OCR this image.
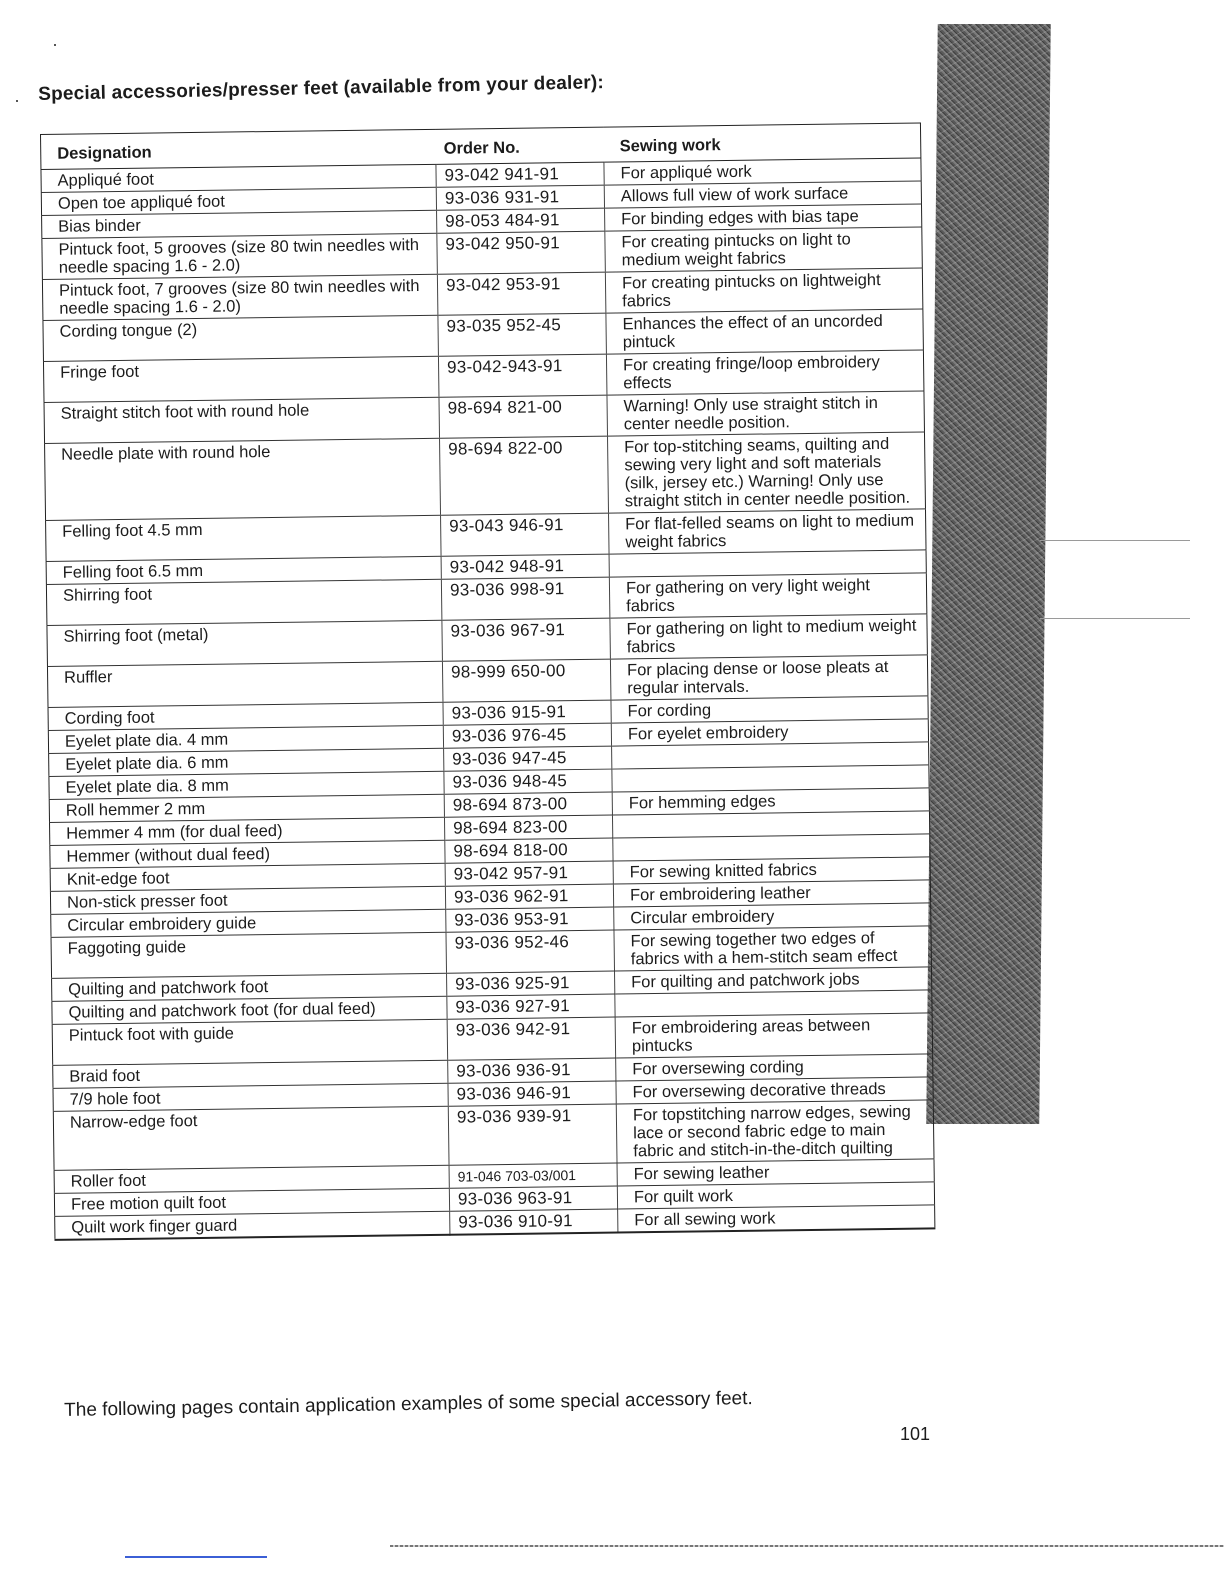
Special accessories/presser feet (available from your dealer):
Designation	Order No.	Sewing work
Appliqué foot	93-042 941-91	For appliqué work
Open toe appliqué foot	93-036 931-91	Allows full view of work surface
Bias binder	98-053 484-91	For binding edges with bias tape
Pintuck foot, 5 grooves (size 80 twin needles with needle spacing 1.6 - 2.0)	93-042 950-91	For creating pintucks on light to medium weight fabrics
Pintuck foot, 7 grooves (size 80 twin needles with needle spacing 1.6 - 2.0)	93-042 953-91	For creating pintucks on lightweight fabrics
Cording tongue (2)	93-035 952-45	Enhances the effect of an uncorded pintuck
Fringe foot	93-042-943-91	For creating fringe/loop embroidery effects
Straight stitch foot with round hole	98-694 821-00	Warning! Only use straight stitch in center needle position.
Needle plate with round hole	98-694 822-00	For top-stitching seams, quilting and sewing very light and soft materials (silk, jersey etc.) Warning! Only use straight stitch in center needle position.
Felling foot 4.5 mm	93-043 946-91	For flat-felled seams on light to medium weight fabrics
Felling foot 6.5 mm	93-042 948-91	
Shirring foot	93-036 998-91	For gathering on very light weight fabrics
Shirring foot (metal)	93-036 967-91	For gathering on light to medium weight fabrics
Ruffler	98-999 650-00	For placing dense or loose pleats at regular intervals.
Cording foot	93-036 915-91	For cording
Eyelet plate dia. 4 mm	93-036 976-45	For eyelet embroidery
Eyelet plate dia. 6 mm	93-036 947-45	
Eyelet plate dia. 8 mm	93-036 948-45	
Roll hemmer 2 mm	98-694 873-00	For hemming edges
Hemmer 4 mm (for dual feed)	98-694 823-00	
Hemmer (without dual feed)	98-694 818-00	
Knit-edge foot	93-042 957-91	For sewing knitted fabrics
Non-stick presser foot	93-036 962-91	For embroidering leather
Circular embroidery guide	93-036 953-91	Circular embroidery
Faggoting guide	93-036 952-46	For sewing together two edges of fabrics with a hem-stitch seam effect
Quilting and patchwork foot	93-036 925-91	For quilting and patchwork jobs
Quilting and patchwork foot (for dual feed)	93-036 927-91	
Pintuck foot with guide	93-036 942-91	For embroidering areas between pintucks
Braid foot	93-036 936-91	For oversewing cording
7/9 hole foot	93-036 946-91	For oversewing decorative threads
Narrow-edge foot	93-036 939-91	For topstitching narrow edges, sewing lace or second fabric edge to main fabric and stitch-in-the-ditch quilting
Roller foot	91-046 703-03/001	For sewing leather
Free motion quilt foot	93-036 963-91	For quilt work
Quilt work finger guard	93-036 910-91	For all sewing work
The following pages contain application examples of some special accessory feet.
101
